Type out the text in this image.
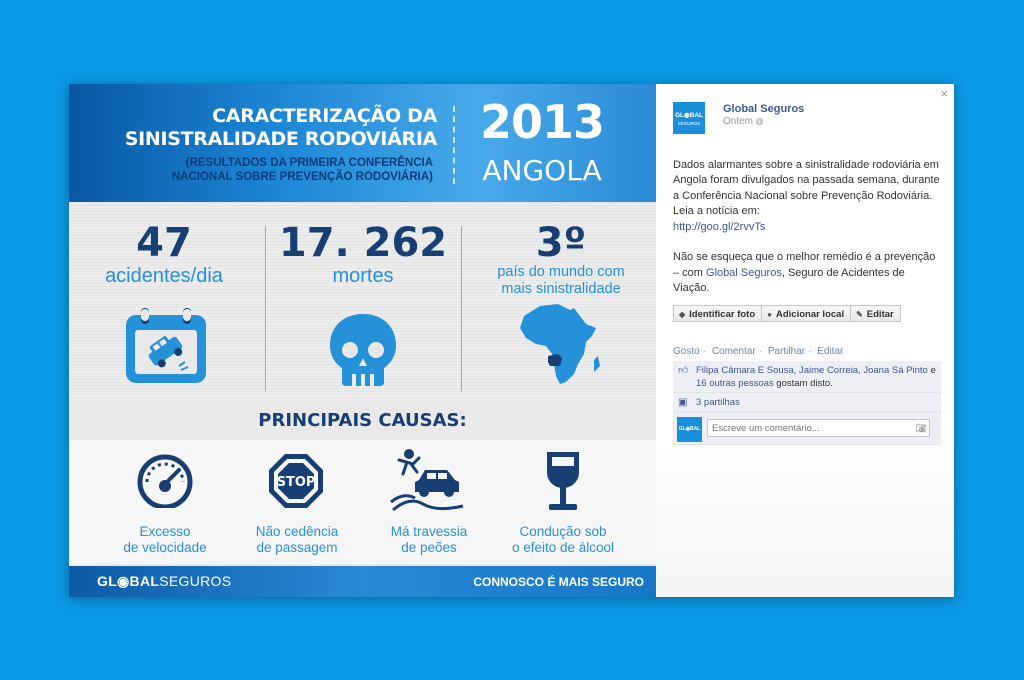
CARACTERIZAÇÃO DA
SINISTRALIDADE RODOVIÁRIA
(RESULTADOS DA PRIMEIRA CONFERÊNCIA
NACIONAL SOBRE PREVENÇÃO RODOVIÁRIA)
2013
ANGOLA
47
acidentes/dia
17. 262
mortes
3º
país do mundo com
mais sinistralidade
PRINCIPAIS CAUSAS:
Excesso
de velocidade
STOP
Não cedência
de passagem
Má travessia
de peões
Condução sob
o efeito de álcool
GL◉BALSEGUROS	CONNOSCO É MAIS SEGURO
×
GL◉BAL
SEGUROS
Global Seguros
Ontem ◍
Dados alarmantes sobre a sinistralidade rodoviária em Angola foram divulgados na passada semana, durante a Conferência Nacional sobre Prevenção Rodoviária. Leia a notícia em:
http://goo.gl/2rvvTs
Não se esqueça que o melhor remédio é a prevenção – com Global Seguros, Seguro de Acidentes de Viação.
◆ Identificar foto ● Adicionar local ✎ Editar
Gosto · Comentar · Partilhar · Editar
👍︎ Filipa Câmara E Sousa, Jaime Correia, Joana Sá Pinto e 16 outras pessoas gostam disto.
▣ 3 partilhas
GL◉BAL
Escreve um comentário...	📷︎
